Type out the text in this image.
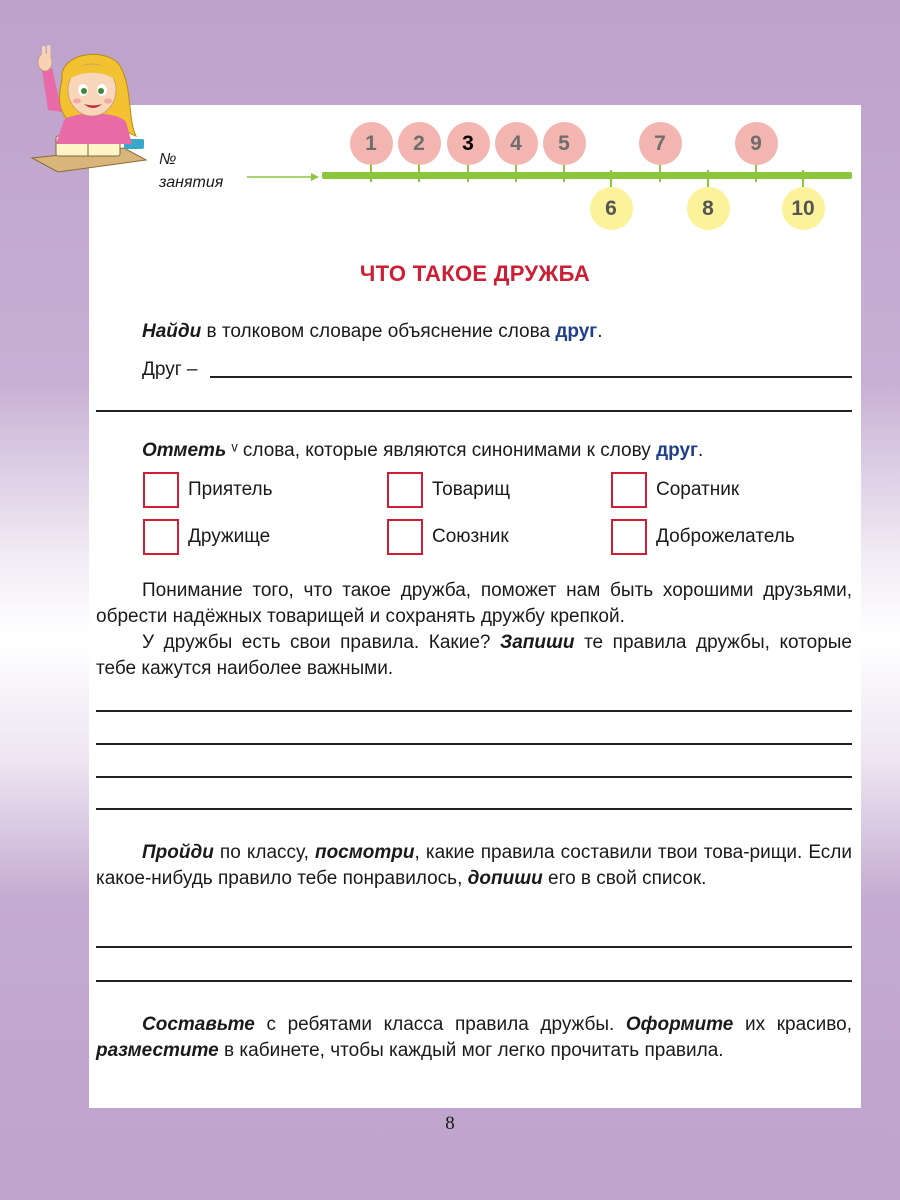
№
занятия
1	2	3	4	5	7	9
6	8	10
ЧТО ТАКОЕ ДРУЖБА

Найди в толковом словаре объяснение слова друг.

Друг –

Отметь ᵛ слова, которые являются синонимами к слову друг.

Приятель	Товарищ	Соратник
Дружище	Союзник	Доброжелатель

Понимание того, что такое дружба, поможет нам быть хорошими друзьями, обрести надёжных товарищей и сохранять дружбу крепкой.

У дружбы есть свои правила. Какие? Запиши те правила дружбы, которые тебе кажутся наиболее важными.

Пройди по классу, посмотри, какие правила составили твои това-рищи. Если какое-нибудь правило тебе понравилось, допиши его в свой список.

Составьте с ребятами класса правила дружбы. Оформите их красиво, разместите в кабинете, чтобы каждый мог легко прочитать правила.

8
